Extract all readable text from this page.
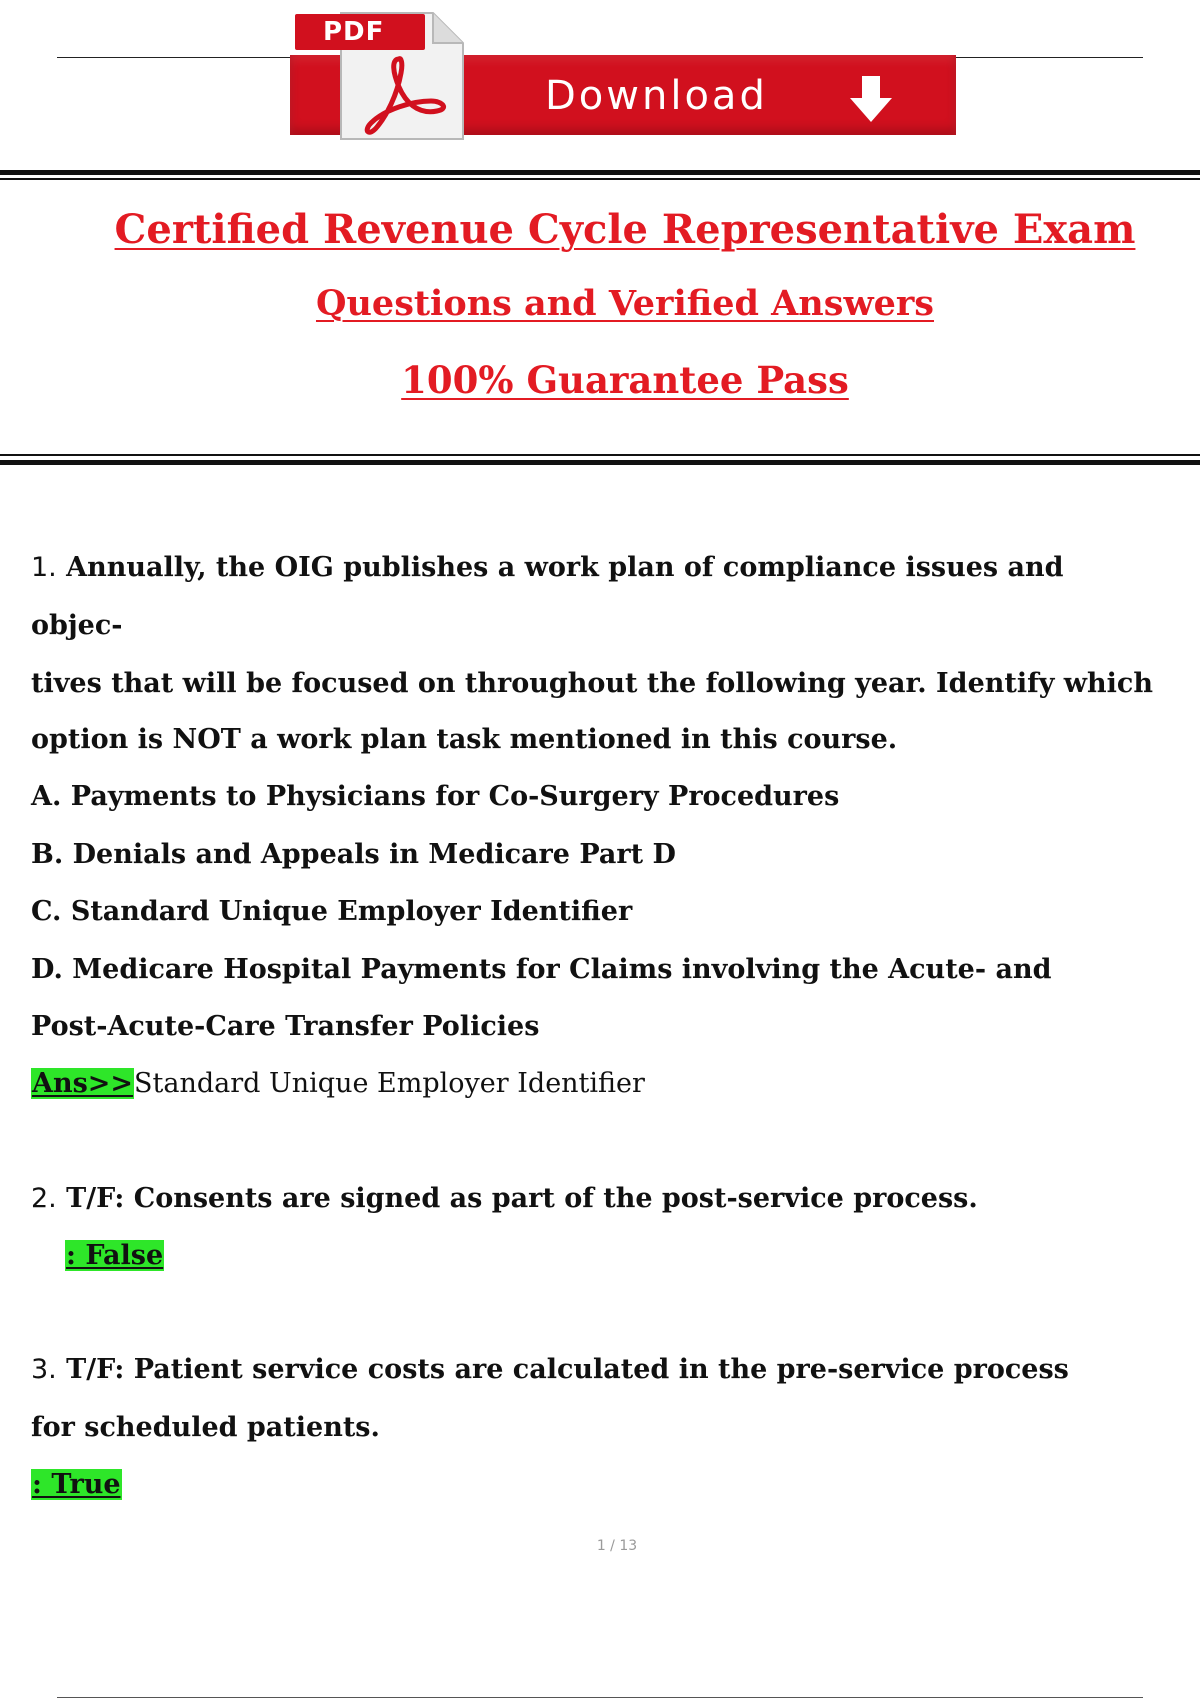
PDF
Download
Certified Revenue Cycle Representative Exam
Questions and Verified Answers
100% Guarantee Pass
1. Annually, the OIG publishes a work plan of compliance issues and
objec-
tives that will be focused on throughout the following year. Identify which
option is NOT a work plan task mentioned in this course.
A. Payments to Physicians for Co-Surgery Procedures
B. Denials and Appeals in Medicare Part D
C. Standard Unique Employer Identifier
D. Medicare Hospital Payments for Claims involving the Acute- and
Post-Acute-Care Transfer Policies
Ans>>Standard Unique Employer Identifier
2. T/F: Consents are signed as part of the post-service process.
: False
3. T/F: Patient service costs are calculated in the pre-service process
for scheduled patients.
: True
1 / 13
